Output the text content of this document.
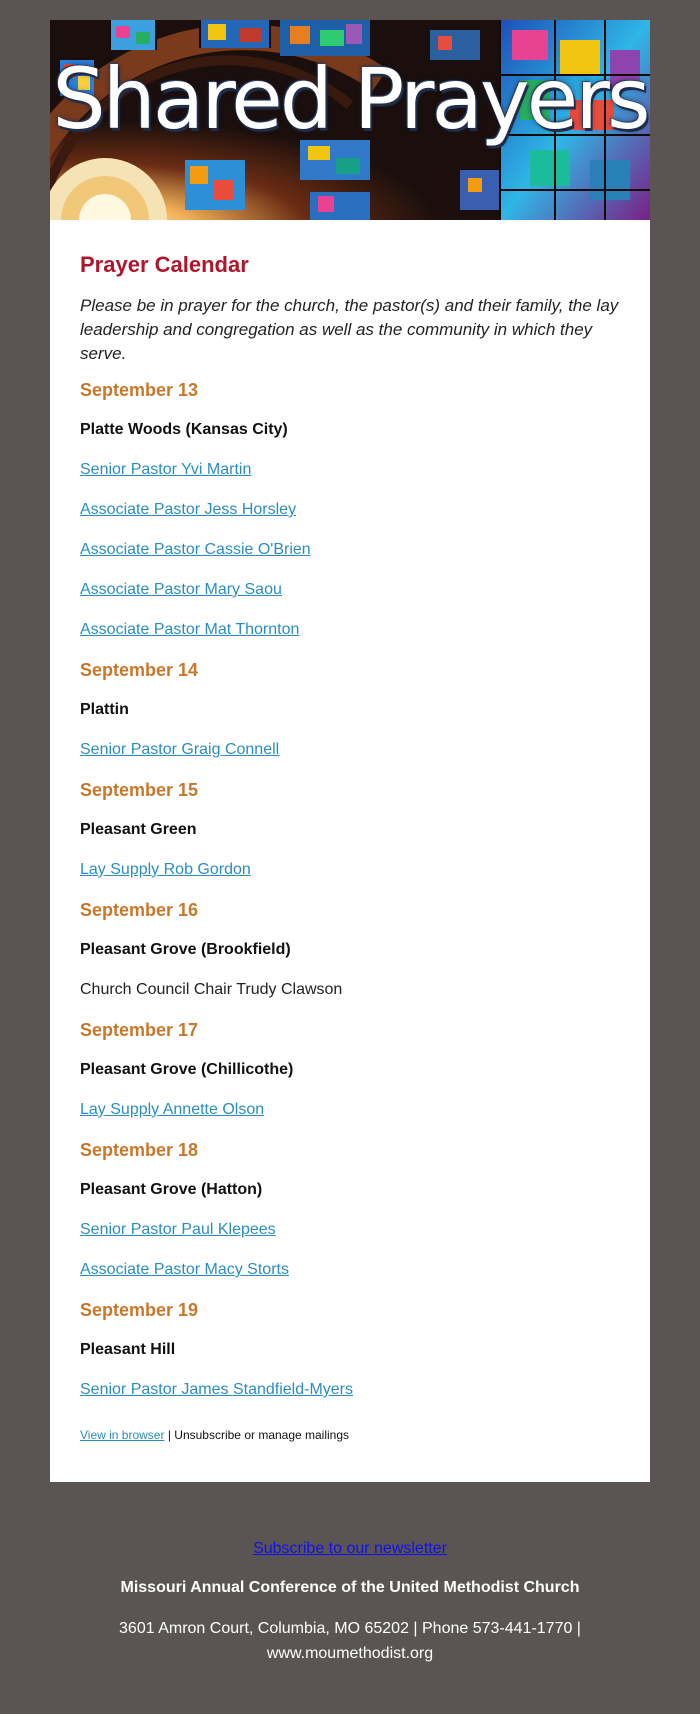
Shared Prayers
Prayer Calendar
Please be in prayer for the church, the pastor(s) and their family, the lay leadership and congregation as well as the community in which they serve.
September 13
Platte Woods (Kansas City)
Senior Pastor Yvi Martin
Associate Pastor Jess Horsley
Associate Pastor Cassie O'Brien
Associate Pastor Mary Saou
Associate Pastor Mat Thornton
September 14
Plattin
Senior Pastor Graig Connell
September 15
Pleasant Green
Lay Supply Rob Gordon
September 16
Pleasant Grove (Brookfield)
Church Council Chair Trudy Clawson
September 17
Pleasant Grove (Chillicothe)
Lay Supply Annette Olson
September 18
Pleasant Grove (Hatton)
Senior Pastor Paul Klepees
Associate Pastor Macy Storts
September 19
Pleasant Hill
Senior Pastor James Standfield-Myers
View in browser | Unsubscribe or manage mailings
Subscribe to our newsletter
Missouri Annual Conference of the United Methodist Church
3601 Amron Court, Columbia, MO 65202 | Phone 573-441-1770 |
www.moumethodist.org
